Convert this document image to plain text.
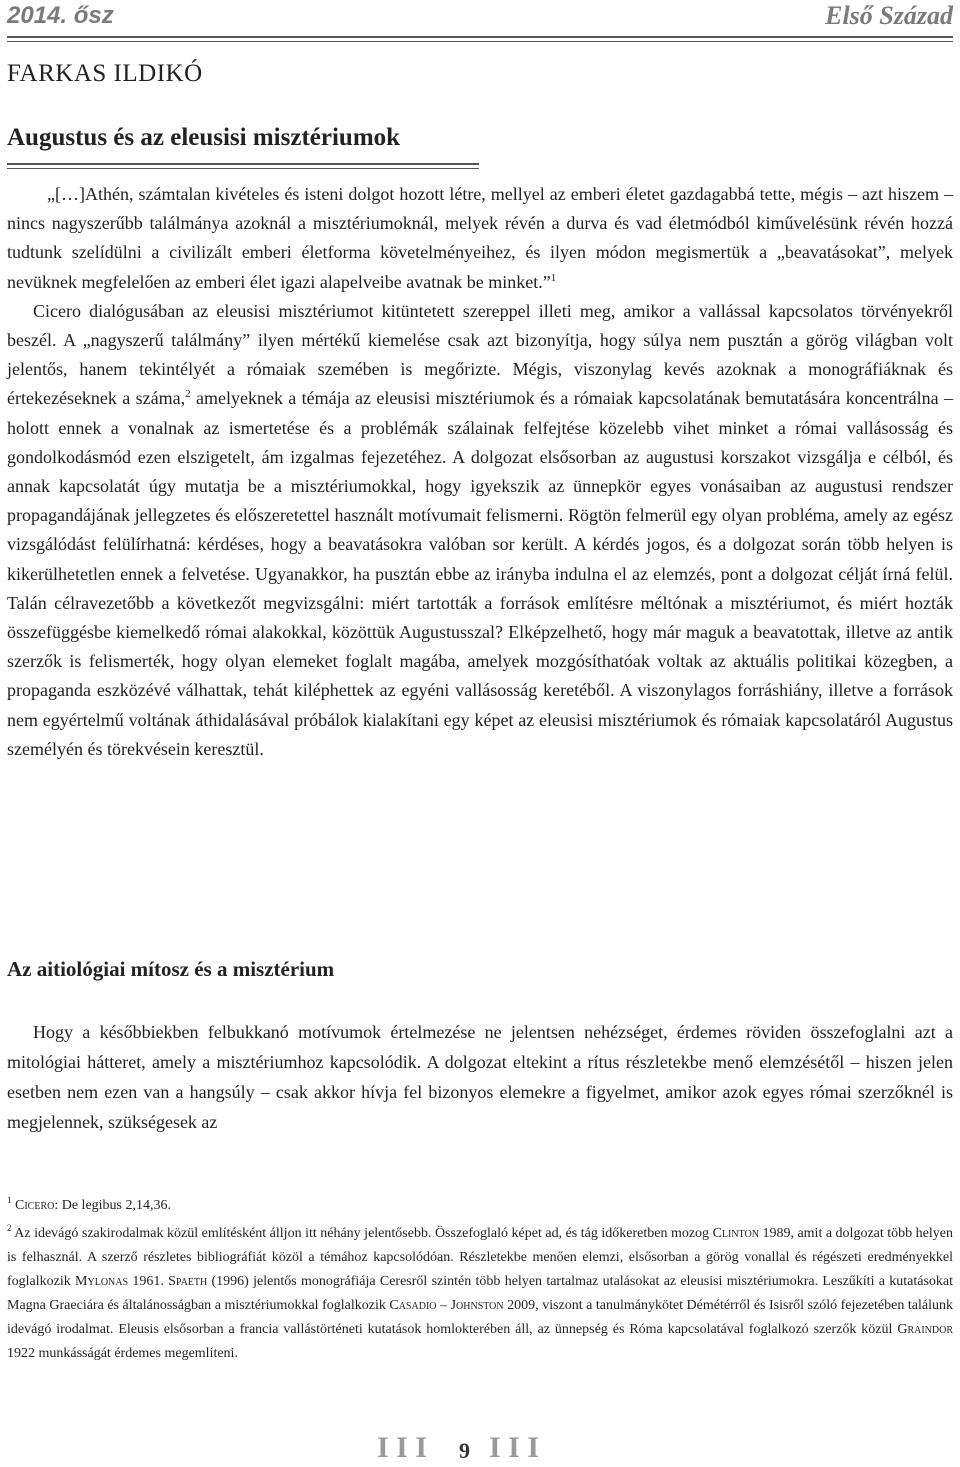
2014. ősz	Első Század
FARKAS ILDIKÓ
Augustus és az eleusisi misztériumok

„[…]Athén, számtalan kivételes és isteni dolgot hozott létre, mellyel az emberi életet gazdagabbá tette, mégis – azt hiszem – nincs nagyszerűbb találmánya azoknál a misztériumoknál, melyek révén a durva és vad életmódból kiművelésünk révén hozzá tudtunk szelídülni a civilizált emberi életforma követelményeihez, és ilyen módon megismertük a „beavatásokat”, melyek nevüknek megfelelően az emberi élet igazi alapelveibe avatnak be minket.”$^1$

Cicero dialógusában az eleusisi misztériumot kitüntetett szereppel illeti meg, amikor a vallással kapcsolatos törvényekről beszél. A „nagyszerű találmány” ilyen mértékű kiemelése csak azt bizonyítja, hogy súlya nem pusztán a görög világban volt jelentős, hanem tekintélyét a rómaiak szemében is megőrizte. Mégis, viszonylag kevés azoknak a monográfiáknak és értekezéseknek a száma,$^2$ amelyeknek a témája az eleusisi misztériumok és a rómaiak kapcsolatának bemutatására koncentrálna – holott ennek a vonalnak az ismertetése és a problémák szálainak felfejtése közelebb vihet minket a római vallásosság és gondolkodásmód ezen elszigetelt, ám izgalmas fejezetéhez. A dolgozat elsősorban az augustusi korszakot vizsgálja e célból, és annak kapcsolatát úgy mutatja be a misztériumokkal, hogy igyekszik az ünnepkör egyes vonásaiban az augustusi rendszer propagandájának jellegzetes és előszeretettel használt motívumait felismerni. Rögtön felmerül egy olyan probléma, amely az egész vizsgálódást felülírhatná: kérdéses, hogy a beavatásokra valóban sor került. A kérdés jogos, és a dolgozat során több helyen is kikerülhetetlen ennek a felvetése. Ugyanakkor, ha pusztán ebbe az irányba indulna el az elemzés, pont a dolgozat célját írná felül. Talán célravezetőbb a következőt megvizsgálni: miért tartották a források említésre méltónak a misztériumot, és miért hozták összefüggésbe kiemelkedő római alakokkal, közöttük Augustusszal? Elképzelhető, hogy már maguk a beavatottak, illetve az antik szerzők is felismerték, hogy olyan elemeket foglalt magába, amelyek mozgósíthatóak voltak az aktuális politikai közegben, a propaganda eszközévé válhattak, tehát kiléphettek az egyéni vallásosság keretéből. A viszonylagos forráshiány, illetve a források nem egyértelmű voltának áthidalásával próbálok kialakítani egy képet az eleusisi misztériumok és rómaiak kapcsolatáról Augustus személyén és törekvésein keresztül.

Az aitiológiai mítosz és a misztérium

Hogy a későbbiekben felbukkanó motívumok értelmezése ne jelentsen nehézséget, érdemes röviden összefoglalni azt a mitológiai hátteret, amely a misztériumhoz kapcsolódik. A dolgozat eltekint a rítus részletekbe menő elemzésétől – hiszen jelen esetben nem ezen van a hangsúly – csak akkor hívja fel bizonyos elemekre a figyelmet, amikor azok egyes római szerzőknél is megjelennek, szükségesek az

$^1$ Cicero: De legibus 2,14,36.

$^2$ Az idevágó szakirodalmak közül említésként álljon itt néhány jelentősebb. Összefoglaló képet ad, és tág időkeretben mozog Clinton 1989, amit a dolgozat több helyen is felhasznál. A szerző részletes bibliográfiát közöl a témához kapcsolódóan. Részletekbe menően elemzi, elsősorban a görög vonallal és régészeti eredményekkel foglalkozik Mylonas 1961. Spaeth (1996) jelentős monográfiája Ceresről szintén több helyen tartalmaz utalásokat az eleusisi misztériumokra. Leszűkíti a kutatásokat Magna Graeciára és általánosságban a misztériumokkal foglalkozik Casadio – Johnston 2009, viszont a tanulmánykötet Démétérről és Isisről szóló fejezetében találunk idevágó irodalmat. Eleusis elsősorban a francia vallástörténeti kutatások homlokterében áll, az ünnepség és Róma kapcsolatával foglalkozó szerzők közül Graindor 1922 munkásságát érdemes megemlíteni.

I I I 9 I I I
